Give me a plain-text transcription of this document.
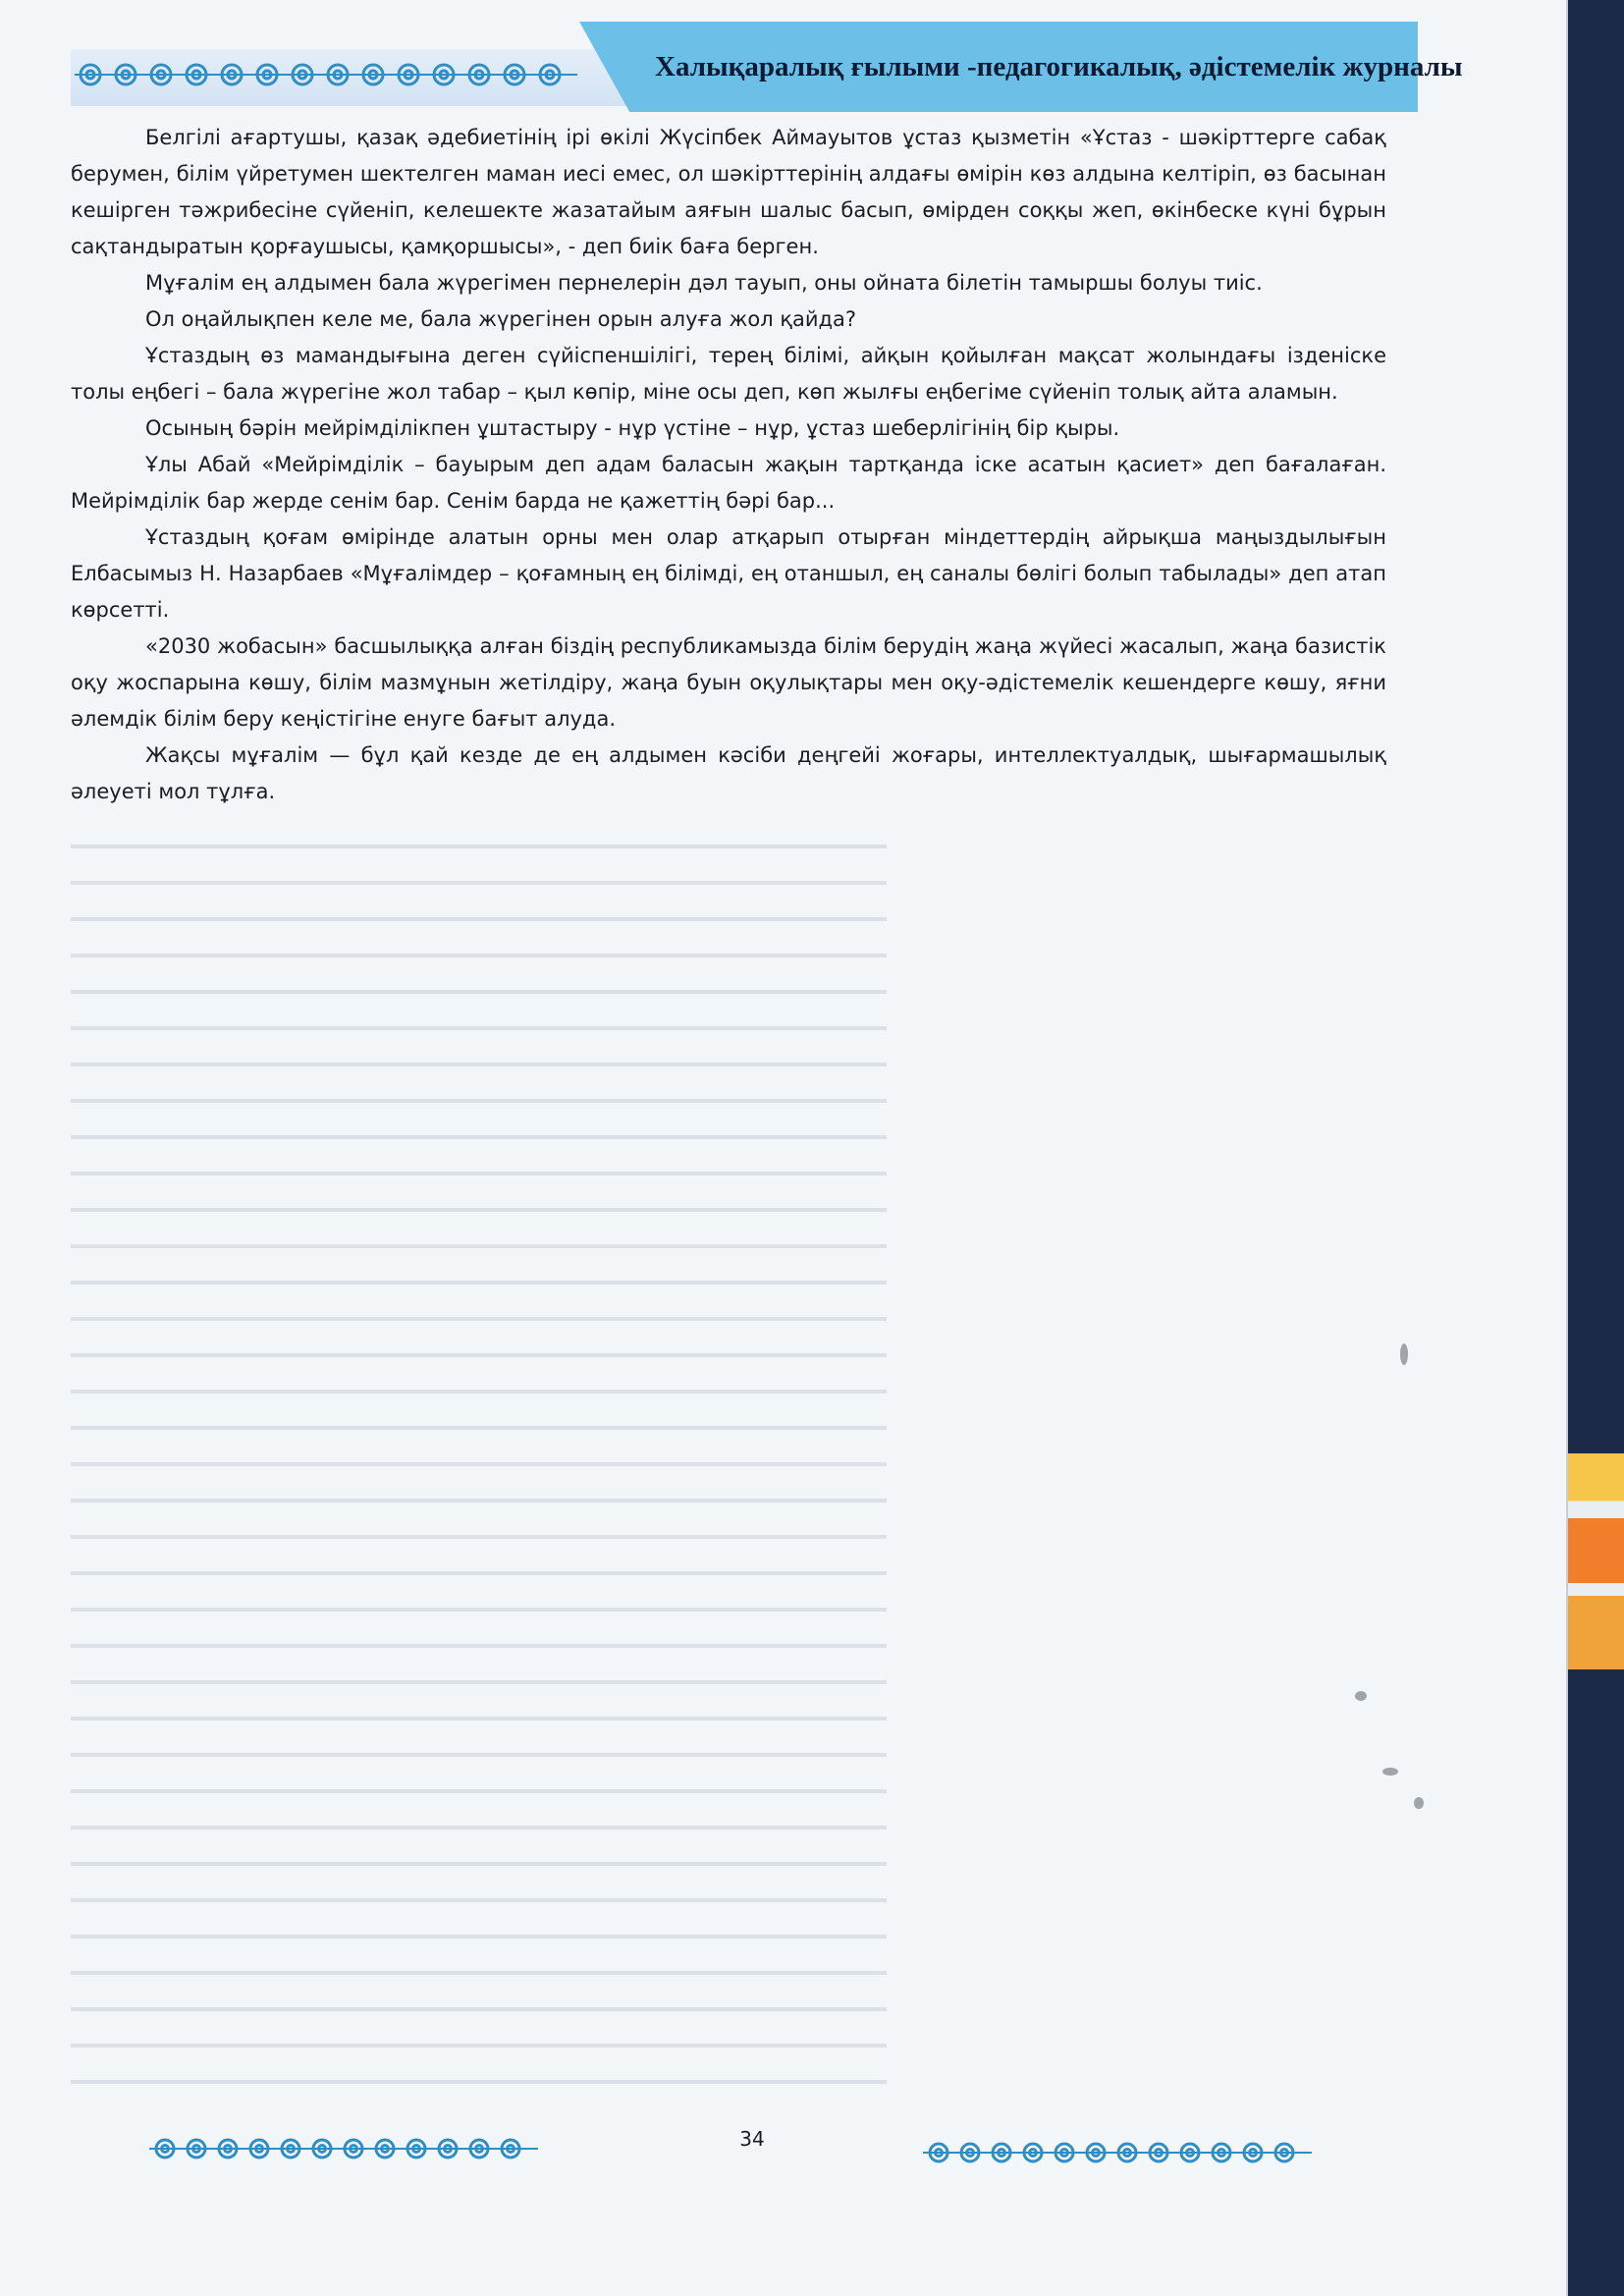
Халықаралық ғылыми -педагогикалық, әдістемелік журналы

Белгілі ағартушы, қазақ әдебиетінің ірі өкілі Жүсіпбек Аймауытов ұстаз қызметін «Ұстаз - шәкірттерге сабақ берумен, білім үйретумен шектелген маман иесі емес, ол шәкірттерінің алдағы өмірін көз алдына келтіріп, өз басынан кешірген тәжрибесіне сүйеніп, келешекте жазатайым аяғын шалыс басып, өмірден соққы жеп, өкінбеске күні бұрын сақтандыратын қорғаушысы, қамқоршысы», - деп биік баға берген.

Мұғалім ең алдымен бала жүрегімен пернелерін дәл тауып, оны ойната білетін тамыршы болуы тиіс.

Ол оңайлықпен келе ме, бала жүрегінен орын алуға жол қайда?

Ұстаздың өз мамандығына деген сүйіспеншілігі, терең білімі, айқын қойылған мақсат жолындағы ізденіске толы еңбегі – бала жүрегіне жол табар – қыл көпір, міне осы деп, көп жылғы еңбегіме сүйеніп толық айта аламын.

Осының бәрін мейрімділікпен ұштастыру - нұр үстіне – нұр, ұстаз шеберлігінің бір қыры.

Ұлы Абай «Мейрімділік – бауырым деп адам баласын жақын тартқанда іске асатын қасиет» деп бағалаған. Мейрімділік бар жерде сенім бар. Сенім барда не қажеттің бәрі бар...

Ұстаздың қоғам өмірінде алатын орны мен олар атқарып отырған міндеттердің айрықша маңыздылығын Елбасымыз Н. Назарбаев «Мұғалімдер – қоғамның ең білімді, ең отаншыл, ең саналы бөлігі болып табылады» деп атап көрсетті.

«2030 жобасын» басшылыққа алған біздің республикамызда білім берудің жаңа жүйесі жасалып, жаңа базистік оқу жоспарына көшу, білім мазмұнын жетілдіру, жаңа буын оқулықтары мен оқу-әдістемелік кешендерге көшу, яғни әлемдік білім беру кеңістігіне енуге бағыт алуда.

Жақсы мұғалім — бұл қай кезде де ең алдымен кәсіби деңгейі жоғары, интеллектуалдық, шығармашылық әлеуеті мол тұлға.

34
